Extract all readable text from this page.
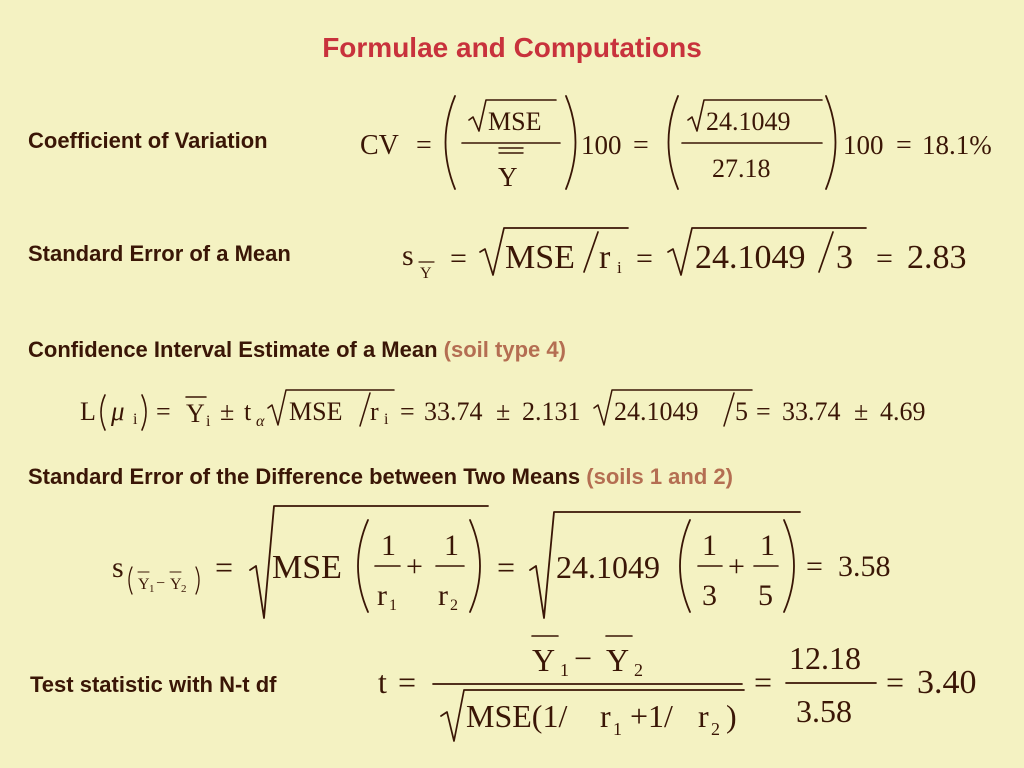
Formulae and Computations
Coefficient of Variation
Standard Error of a Mean
Confidence Interval Estimate of a Mean (soil type 4)
Standard Error of the Difference between Two Means (soils 1 and 2)
Test statistic with N-t df
CV =
MSE
Y
100 =
24.1049
27.18
100 = 18.1%
s
Y = MSE r i = 24.1049 3 = 2.83
L μ i = Y i ± t α MSE r i = 33.74 ± 2.131 24.1049 5 = 33.74 ± 4.69
s
Y 1 − Y 2
= MSE
1
r 1
+
1
r 2
= 24.1049
1
3
+
1
5
= 3.58
t =
Y 1 − Y 2
MSE(1/ r 1 +1/ r 2 )
=
12.18
3.58
= 3.40
